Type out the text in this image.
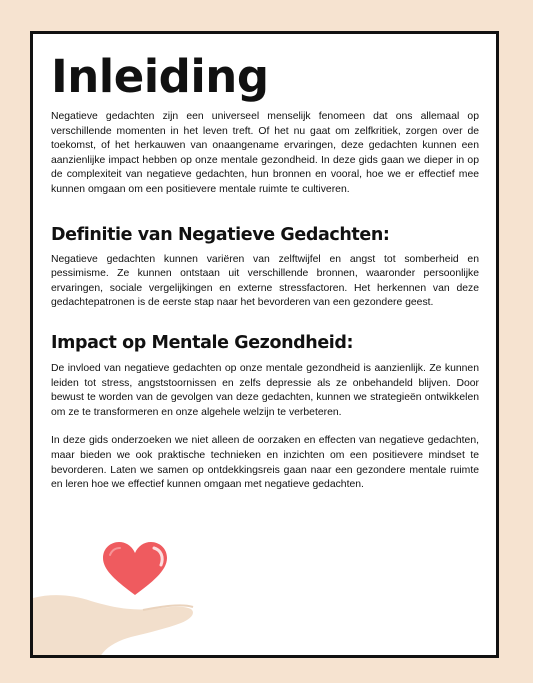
Inleiding

Negatieve gedachten zijn een universeel menselijk fenomeen dat ons allemaal op verschillende momenten in het leven treft. Of het nu gaat om zelfkritiek, zorgen over de toekomst, of het herkauwen van onaangename ervaringen, deze gedachten kunnen een aanzienlijke impact hebben op onze mentale gezondheid. In deze gids gaan we dieper in op de complexiteit van negatieve gedachten, hun bronnen en vooral, hoe we er effectief mee kunnen omgaan om een positievere mentale ruimte te cultiveren.

Definitie van Negatieve Gedachten:

Negatieve gedachten kunnen variëren van zelftwijfel en angst tot somberheid en pessimisme. Ze kunnen ontstaan uit verschillende bronnen, waaronder persoonlijke ervaringen, sociale vergelijkingen en externe stressfactoren. Het herkennen van deze gedachtepatronen is de eerste stap naar het bevorderen van een gezondere geest.

Impact op Mentale Gezondheid:

De invloed van negatieve gedachten op onze mentale gezondheid is aanzienlijk. Ze kunnen leiden tot stress, angststoornissen en zelfs depressie als ze onbehandeld blijven. Door bewust te worden van de gevolgen van deze gedachten, kunnen we strategieën ontwikkelen om ze te transformeren en onze algehele welzijn te verbeteren.

In deze gids onderzoeken we niet alleen de oorzaken en effecten van negatieve gedachten, maar bieden we ook praktische technieken en inzichten om een positievere mindset te bevorderen. Laten we samen op ontdekkingsreis gaan naar een gezondere mentale ruimte en leren hoe we effectief kunnen omgaan met negatieve gedachten.
